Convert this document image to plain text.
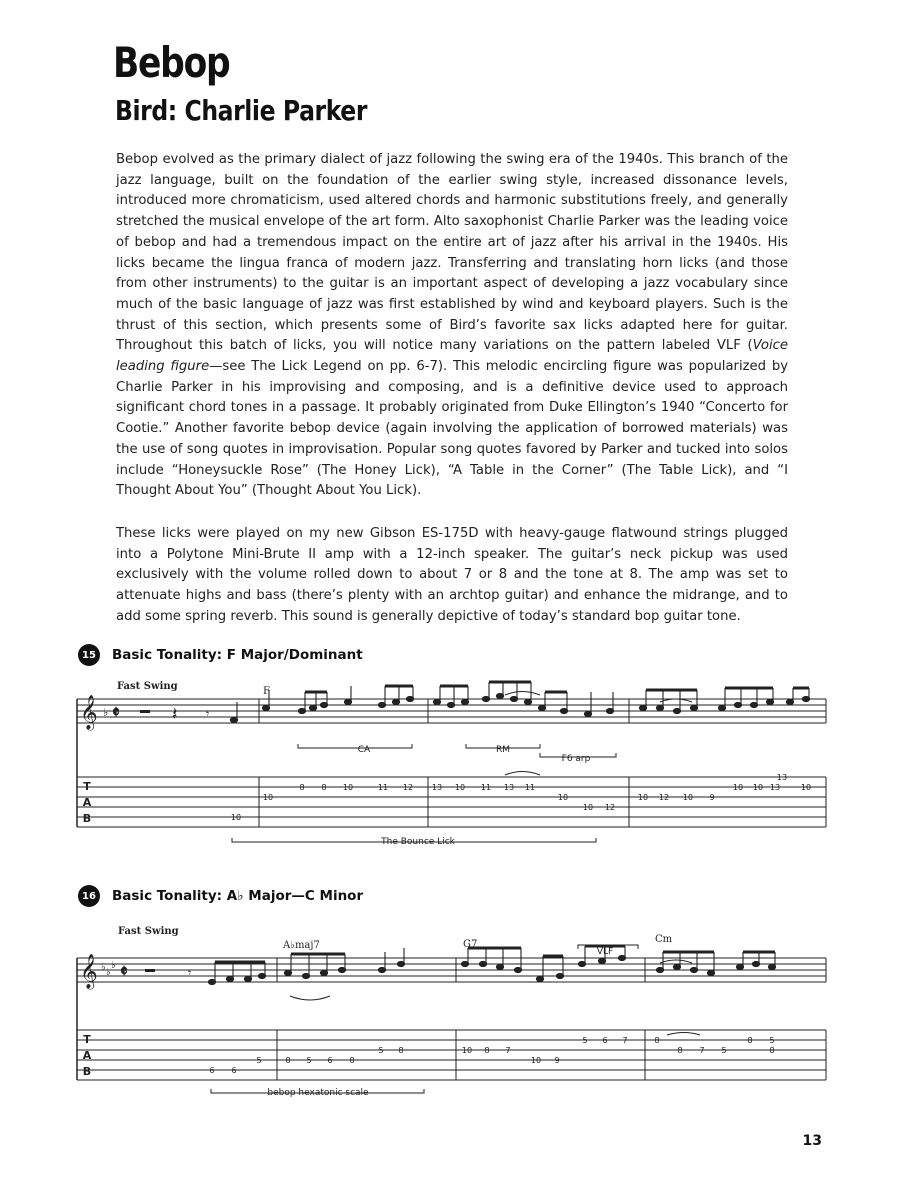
Bebop
Bird: Charlie Parker
Bebop evolved as the primary dialect of jazz following the swing era of the 1940s. This branch of the jazz language, built on the foundation of the earlier swing style, increased dissonance levels, introduced more chromaticism, used altered chords and harmonic substitutions freely, and generally stretched the musical envelope of the art form. Alto saxophonist Charlie Parker was the leading voice of bebop and had a tremendous impact on the entire art of jazz after his arrival in the 1940s. His licks became the lingua franca of modern jazz. Transferring and translating horn licks (and those from other instruments) to the guitar is an important aspect of developing a jazz vocabulary since much of the basic language of jazz was first established by wind and keyboard players. Such is the thrust of this section, which presents some of Bird’s favorite sax licks adapted here for guitar. Throughout this batch of licks, you will notice many variations on the pattern labeled VLF (Voice leading figure—see The Lick Legend on pp. 6-7). This melodic encircling figure was popularized by Charlie Parker in his improvising and composing, and is a definitive device used to approach significant chord tones in a passage. It probably originated from Duke Ellington’s 1940 “Concerto for Cootie.” Another favorite bebop device (again involving the application of borrowed materials) was the use of song quotes in improvisation. Popular song quotes favored by Parker and tucked into solos include “Honeysuckle Rose” (The Honey Lick), “A Table in the Corner” (The Table Lick), and “I Thought About You” (Thought About You Lick).
These licks were played on my new Gibson ES-175D with heavy-gauge flatwound strings plugged into a Polytone Mini-Brute II amp with a 12-inch speaker. The guitar’s neck pickup was used exclusively with the volume rolled down to about 7 or 8 and the tone at 8. The amp was set to attenuate highs and bass (there’s plenty with an archtop guitar) and enhance the midrange, and to add some spring reverb. This sound is generally depictive of today’s standard bop guitar tone.
15 Basic Tonality: F Major/Dominant
𝄞 ♭ 𝄵	𝄽 𝄾
Fast Swing	F
CA	RM
F6 arp
The Bounce Lick
T
A
B	10
10
8 8 10	11 12 13 10 11 13 11
10
10 12
10 12 10 9
10 10
13
10
13
16 Basic Tonality: A♭ Major—C Minor
𝄞 ♭ ♭
♭ 𝄵	𝄾
Fast Swing
A♭maj7	G7	Cm
VLF
bebop hexatonic scale
T
A
B	6 6
5	8 5 6 8
5 8	10 8 7
10 9
5 6 7	8
8 7 5
8 5
8
13
